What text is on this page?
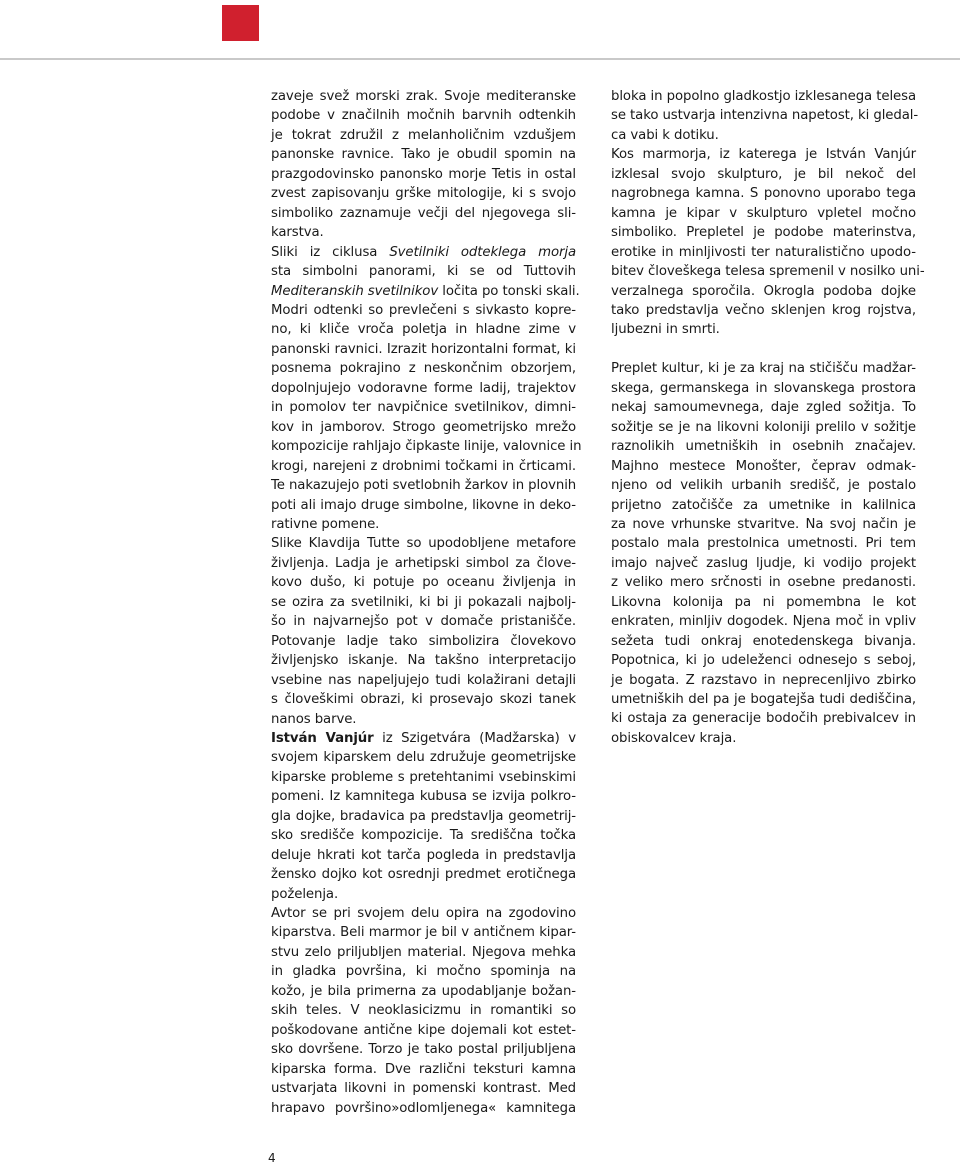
zaveje svež morski zrak. Svoje mediteranske
podobe v značilnih močnih barvnih odtenkih
je tokrat združil z melanholičnim vzdušjem
panonske ravnice. Tako je obudil spomin na
prazgodovinsko panonsko morje Tetis in ostal
zvest zapisovanju grške mitologije, ki s svojo
simboliko zaznamuje večji del njegovega sli-
karstva.
Sliki iz ciklusa Svetilniki odteklega morja
sta simbolni panorami, ki se od Tuttovih
Mediteranskih svetilnikov ločita po tonski skali.
Modri odtenki so prevlečeni s sivkasto kopre-
no, ki kliče vroča poletja in hladne zime v
panonski ravnici. Izrazit horizontalni format, ki
posnema pokrajino z neskončnim obzorjem,
dopolnjujejo vodoravne forme ladij, trajektov
in pomolov ter navpičnice svetilnikov, dimni-
kov in jamborov. Strogo geometrijsko mrežo
kompozicije rahljajo čipkaste linije, valovnice in
krogi, narejeni z drobnimi točkami in črticami.
Te nakazujejo poti svetlobnih žarkov in plovnih
poti ali imajo druge simbolne, likovne in deko-
rativne pomene.
Slike Klavdija Tutte so upodobljene metafore
življenja. Ladja je arhetipski simbol za člove-
kovo dušo, ki potuje po oceanu življenja in
se ozira za svetilniki, ki bi ji pokazali najbolj-
šo in najvarnejšo pot v domače pristanišče.
Potovanje ladje tako simbolizira človekovo
življenjsko iskanje. Na takšno interpretacijo
vsebine nas napeljujejo tudi kolažirani detajli
s človeškimi obrazi, ki prosevajo skozi tanek
nanos barve.
István Vanjúr iz Szigetvára (Madžarska) v
svojem kiparskem delu združuje geometrijske
kiparske probleme s pretehtanimi vsebinskimi
pomeni. Iz kamnitega kubusa se izvija polkro-
gla dojke, bradavica pa predstavlja geometrij-
sko središče kompozicije. Ta središčna točka
deluje hkrati kot tarča pogleda in predstavlja
žensko dojko kot osrednji predmet erotičnega
poželenja.
Avtor se pri svojem delu opira na zgodovino
kiparstva. Beli marmor je bil v antičnem kipar-
stvu zelo priljubljen material. Njegova mehka
in gladka površina, ki močno spominja na
kožo, je bila primerna za upodabljanje božan-
skih teles. V neoklasicizmu in romantiki so
poškodovane antične kipe dojemali kot estet-
sko dovršene. Torzo je tako postal priljubljena
kiparska forma. Dve različni teksturi kamna
ustvarjata likovni in pomenski kontrast. Med
hrapavo površino»odlomljenega« kamnitega
bloka in popolno gladkostjo izklesanega telesa
se tako ustvarja intenzivna napetost, ki gledal-
ca vabi k dotiku.
Kos marmorja, iz katerega je István Vanjúr
izklesal svojo skulpturo, je bil nekoč del
nagrobnega kamna. S ponovno uporabo tega
kamna je kipar v skulpturo vpletel močno
simboliko. Prepletel je podobe materinstva,
erotike in minljivosti ter naturalistično upodo-
bitev človeškega telesa spremenil v nosilko uni-
verzalnega sporočila. Okrogla podoba dojke
tako predstavlja večno sklenjen krog rojstva,
ljubezni in smrti.
Preplet kultur, ki je za kraj na stičišču madžar-
skega, germanskega in slovanskega prostora
nekaj samoumevnega, daje zgled sožitja. To
sožitje se je na likovni koloniji prelilo v sožitje
raznolikih umetniških in osebnih značajev.
Majhno mestece Monošter, čeprav odmak-
njeno od velikih urbanih središč, je postalo
prijetno zatočišče za umetnike in kalilnica
za nove vrhunske stvaritve. Na svoj način je
postalo mala prestolnica umetnosti. Pri tem
imajo največ zaslug ljudje, ki vodijo projekt
z veliko mero srčnosti in osebne predanosti.
Likovna kolonija pa ni pomembna le kot
enkraten, minljiv dogodek. Njena moč in vpliv
sežeta tudi onkraj enotedenskega bivanja.
Popotnica, ki jo udeleženci odnesejo s seboj,
je bogata. Z razstavo in neprecenljivo zbirko
umetniških del pa je bogatejša tudi dediščina,
ki ostaja za generacije bodočih prebivalcev in
obiskovalcev kraja.
4
